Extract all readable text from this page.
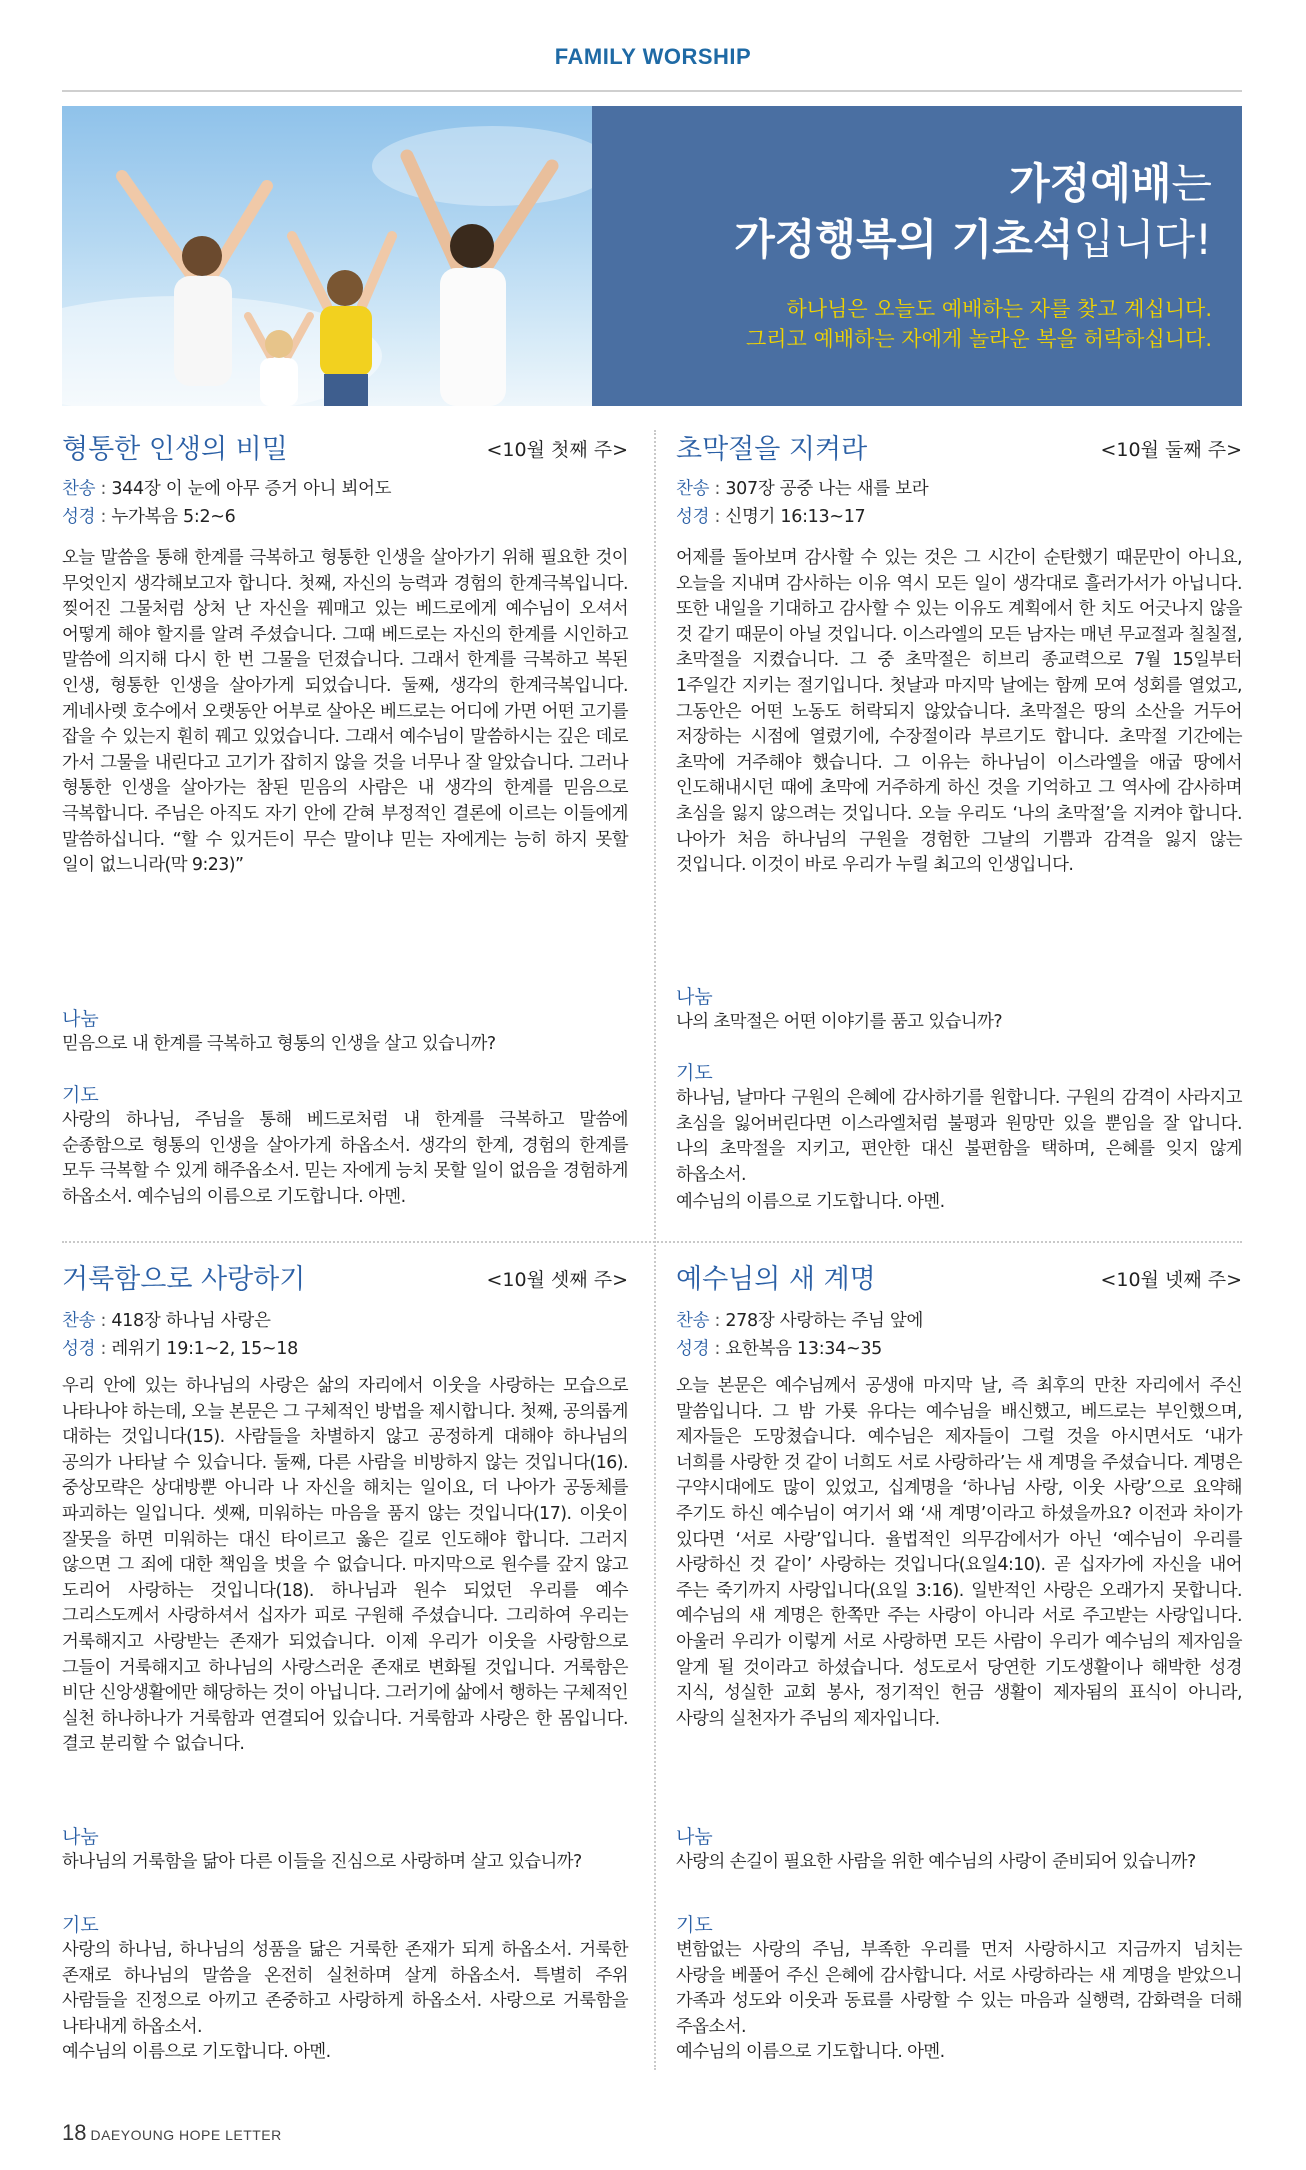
FAMILY WORSHIP
가정예배는
가정행복의 기초석입니다!
하나님은 오늘도 예배하는 자를 찾고 계십니다.
그리고 예배하는 자에게 놀라운 복을 허락하십니다.
형통한 인생의 비밀	<10월 첫째 주>
찬송 : 344장 이 눈에 아무 증거 아니 뵈어도
성경 : 누가복음 5:2~6
오늘 말씀을 통해 한계를 극복하고 형통한 인생을 살아가기 위해 필요한 것이 무엇인지 생각해보고자 합니다. 첫째, 자신의 능력과 경험의 한계극복입니다. 찢어진 그물처럼 상처 난 자신을 꿰매고 있는 베드로에게 예수님이 오셔서 어떻게 해야 할지를 알려 주셨습니다. 그때 베드로는 자신의 한계를 시인하고 말씀에 의지해 다시 한 번 그물을 던졌습니다. 그래서 한계를 극복하고 복된 인생, 형통한 인생을 살아가게 되었습니다. 둘째, 생각의 한계극복입니다. 게네사렛 호수에서 오랫동안 어부로 살아온 베드로는 어디에 가면 어떤 고기를 잡을 수 있는지 훤히 꿰고 있었습니다. 그래서 예수님이 말씀하시는 깊은 데로 가서 그물을 내린다고 고기가 잡히지 않을 것을 너무나 잘 알았습니다. 그러나 형통한 인생을 살아가는 참된 믿음의 사람은 내 생각의 한계를 믿음으로 극복합니다. 주님은 아직도 자기 안에 갇혀 부정적인 결론에 이르는 이들에게 말씀하십니다. “할 수 있거든이 무슨 말이냐 믿는 자에게는 능히 하지 못할 일이 없느니라(막 9:23)”
나눔
믿음으로 내 한계를 극복하고 형통의 인생을 살고 있습니까?
기도
사랑의 하나님, 주님을 통해 베드로처럼 내 한계를 극복하고 말씀에 순종함으로 형통의 인생을 살아가게 하옵소서. 생각의 한계, 경험의 한계를 모두 극복할 수 있게 해주옵소서. 믿는 자에게 능치 못할 일이 없음을 경험하게 하옵소서. 예수님의 이름으로 기도합니다. 아멘.
초막절을 지켜라	<10월 둘째 주>
찬송 : 307장 공중 나는 새를 보라
성경 : 신명기 16:13~17
어제를 돌아보며 감사할 수 있는 것은 그 시간이 순탄했기 때문만이 아니요, 오늘을 지내며 감사하는 이유 역시 모든 일이 생각대로 흘러가서가 아닙니다. 또한 내일을 기대하고 감사할 수 있는 이유도 계획에서 한 치도 어긋나지 않을 것 같기 때문이 아닐 것입니다. 이스라엘의 모든 남자는 매년 무교절과 칠칠절, 초막절을 지켰습니다. 그 중 초막절은 히브리 종교력으로 7월 15일부터 1주일간 지키는 절기입니다. 첫날과 마지막 날에는 함께 모여 성회를 열었고, 그동안은 어떤 노동도 허락되지 않았습니다. 초막절은 땅의 소산을 거두어 저장하는 시점에 열렸기에, 수장절이라 부르기도 합니다. 초막절 기간에는 초막에 거주해야 했습니다. 그 이유는 하나님이 이스라엘을 애굽 땅에서 인도해내시던 때에 초막에 거주하게 하신 것을 기억하고 그 역사에 감사하며 초심을 잃지 않으려는 것입니다. 오늘 우리도 ‘나의 초막절’을 지켜야 합니다. 나아가 처음 하나님의 구원을 경험한 그날의 기쁨과 감격을 잃지 않는 것입니다. 이것이 바로 우리가 누릴 최고의 인생입니다.
나눔
나의 초막절은 어떤 이야기를 품고 있습니까?
기도
하나님, 날마다 구원의 은혜에 감사하기를 원합니다. 구원의 감격이 사라지고 초심을 잃어버린다면 이스라엘처럼 불평과 원망만 있을 뿐임을 잘 압니다. 나의 초막절을 지키고, 편안한 대신 불편함을 택하며, 은혜를 잊지 않게 하옵소서.
예수님의 이름으로 기도합니다. 아멘.
거룩함으로 사랑하기	<10월 셋째 주>
찬송 : 418장 하나님 사랑은
성경 : 레위기 19:1~2, 15~18
우리 안에 있는 하나님의 사랑은 삶의 자리에서 이웃을 사랑하는 모습으로 나타나야 하는데, 오늘 본문은 그 구체적인 방법을 제시합니다. 첫째, 공의롭게 대하는 것입니다(15). 사람들을 차별하지 않고 공정하게 대해야 하나님의 공의가 나타날 수 있습니다. 둘째, 다른 사람을 비방하지 않는 것입니다(16). 중상모략은 상대방뿐 아니라 나 자신을 해치는 일이요, 더 나아가 공동체를 파괴하는 일입니다. 셋째, 미워하는 마음을 품지 않는 것입니다(17). 이웃이 잘못을 하면 미워하는 대신 타이르고 옳은 길로 인도해야 합니다. 그러지 않으면 그 죄에 대한 책임을 벗을 수 없습니다. 마지막으로 원수를 갚지 않고 도리어 사랑하는 것입니다(18). 하나님과 원수 되었던 우리를 예수 그리스도께서 사랑하셔서 십자가 피로 구원해 주셨습니다. 그리하여 우리는 거룩해지고 사랑받는 존재가 되었습니다. 이제 우리가 이웃을 사랑함으로 그들이 거룩해지고 하나님의 사랑스러운 존재로 변화될 것입니다. 거룩함은 비단 신앙생활에만 해당하는 것이 아닙니다. 그러기에 삶에서 행하는 구체적인 실천 하나하나가 거룩함과 연결되어 있습니다. 거룩함과 사랑은 한 몸입니다. 결코 분리할 수 없습니다.
나눔
하나님의 거룩함을 닮아 다른 이들을 진심으로 사랑하며 살고 있습니까?
기도
사랑의 하나님, 하나님의 성품을 닮은 거룩한 존재가 되게 하옵소서. 거룩한 존재로 하나님의 말씀을 온전히 실천하며 살게 하옵소서. 특별히 주위 사람들을 진정으로 아끼고 존중하고 사랑하게 하옵소서. 사랑으로 거룩함을 나타내게 하옵소서.
예수님의 이름으로 기도합니다. 아멘.
예수님의 새 계명	<10월 넷째 주>
찬송 : 278장 사랑하는 주님 앞에
성경 : 요한복음 13:34~35
오늘 본문은 예수님께서 공생애 마지막 날, 즉 최후의 만찬 자리에서 주신 말씀입니다. 그 밤 가룟 유다는 예수님을 배신했고, 베드로는 부인했으며, 제자들은 도망쳤습니다. 예수님은 제자들이 그럴 것을 아시면서도 ‘내가 너희를 사랑한 것 같이 너희도 서로 사랑하라’는 새 계명을 주셨습니다. 계명은 구약시대에도 많이 있었고, 십계명을 ‘하나님 사랑, 이웃 사랑’으로 요약해 주기도 하신 예수님이 여기서 왜 ‘새 계명’이라고 하셨을까요? 이전과 차이가 있다면 ‘서로 사랑’입니다. 율법적인 의무감에서가 아닌 ‘예수님이 우리를 사랑하신 것 같이’ 사랑하는 것입니다(요일4:10). 곧 십자가에 자신을 내어 주는 죽기까지 사랑입니다(요일 3:16). 일반적인 사랑은 오래가지 못합니다. 예수님의 새 계명은 한쪽만 주는 사랑이 아니라 서로 주고받는 사랑입니다. 아울러 우리가 이렇게 서로 사랑하면 모든 사람이 우리가 예수님의 제자임을 알게 될 것이라고 하셨습니다. 성도로서 당연한 기도생활이나 해박한 성경 지식, 성실한 교회 봉사, 정기적인 헌금 생활이 제자됨의 표식이 아니라, 사랑의 실천자가 주님의 제자입니다.
나눔
사랑의 손길이 필요한 사람을 위한 예수님의 사랑이 준비되어 있습니까?
기도
변함없는 사랑의 주님, 부족한 우리를 먼저 사랑하시고 지금까지 넘치는 사랑을 베풀어 주신 은혜에 감사합니다. 서로 사랑하라는 새 계명을 받았으니 가족과 성도와 이웃과 동료를 사랑할 수 있는 마음과 실행력, 감화력을 더해 주옵소서.
예수님의 이름으로 기도합니다. 아멘.
18 DAEYOUNG HOPE LETTER
